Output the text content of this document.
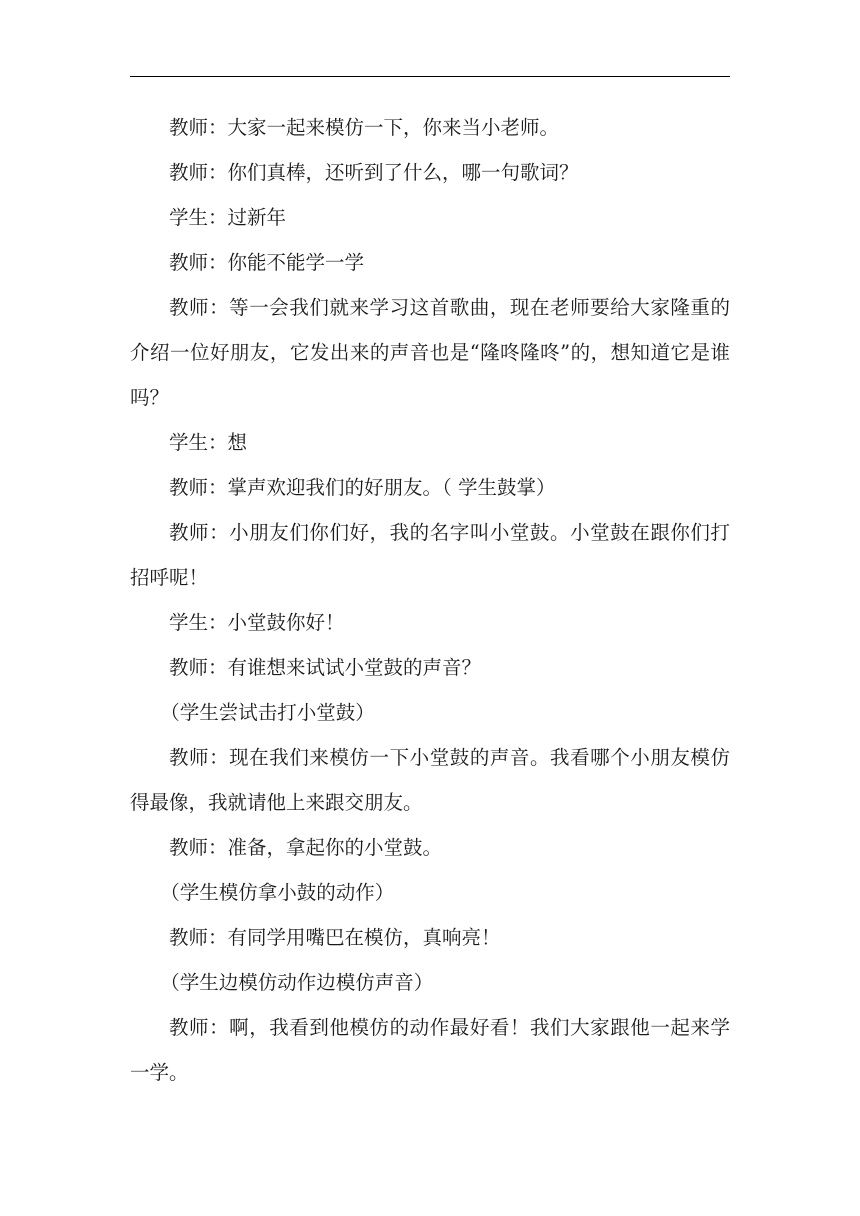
教师：大家一起来模仿一下，你来当小老师。

教师：你们真棒，还听到了什么，哪一句歌词？

学生：过新年

教师：你能不能学一学

教师：等一会我们就来学习这首歌曲，现在老师要给大家隆重的介绍一位好朋友，它发出来的声音也是“隆咚隆咚”的，想知道它是谁吗？

学生：想

教师：掌声欢迎我们的好朋友。（ 学生鼓掌）

教师：小朋友们你们好，我的名字叫小堂鼓。小堂鼓在跟你们打招呼呢！

学生：小堂鼓你好！

教师：有谁想来试试小堂鼓的声音？

（学生尝试击打小堂鼓）

教师：现在我们来模仿一下小堂鼓的声音。我看哪个小朋友模仿得最像，我就请他上来跟交朋友。

教师：准备，拿起你的小堂鼓。

（学生模仿拿小鼓的动作）

教师：有同学用嘴巴在模仿，真响亮！

（学生边模仿动作边模仿声音）

教师：啊，我看到他模仿的动作最好看！我们大家跟他一起来学一学。
